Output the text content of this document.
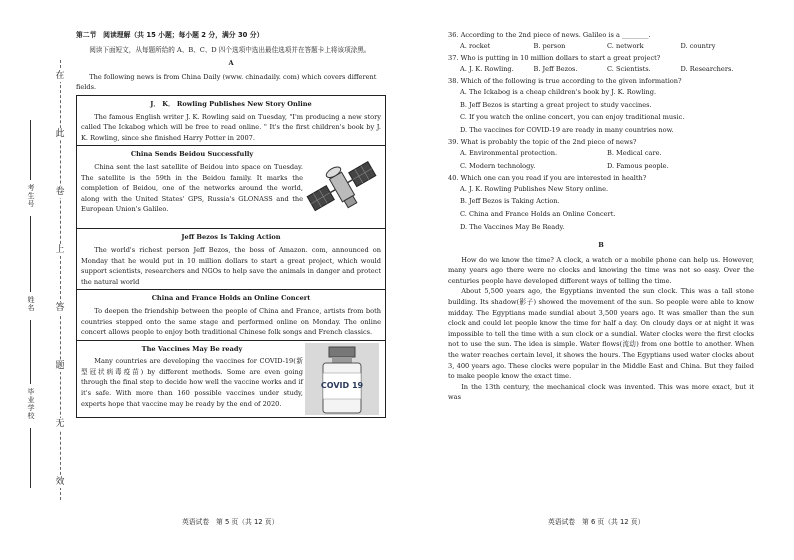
在
此
卷
上
答
题
无
效
考生号
姓名
毕业学校
第二节　阅读理解（共 15 小题；每小题 2 分，满分 30 分）

阅读下面短文，从每题所给的 A、B、C、D 四个选项中选出最佳选项并在答题卡上将该项涂黑。

A

The following news is from China Daily (www. chinadaily. com) which covers different fields.

J． K． Rowling Publishes New Story Online

The famous English writer J. K. Rowling said on Tuesday, "I'm producing a new story called The Ickabog which will be free to read online. " It's the first children's book by J. K. Rowling, since she finished Harry Potter in 2007.

China Sends Beidou Successfully

China sent the last satellite of Beidou into space on Tuesday. The satellite is the 59th in the Beidou family. It marks the completion of Beidou, one of the networks around the world, along with the United States' GPS, Russia's GLONASS and the European Union's Galileo.

Jeff Bezos Is Taking Action

The world's richest person Jeff Bezos, the boss of Amazon. com, announced on Monday that he would put in 10 million dollars to start a great project, which would support scientists, researchers and NGOs to help save the animals in danger and protect the natural world

China and France Holds an Online Concert

To deepen the friendship between the people of China and France, artists from both countries stepped onto the same stage and performed online on Monday. The online concert allows people to enjoy both traditional Chinese folk songs and French classics.

The Vaccines May Be ready

Many countries are developing the vaccines for COVID-19(新型冠状病毒疫苗) by different methods. Some are even going through the final step to decide how well the vaccine works and if it's safe. With more than 160 possible vaccines under study, experts hope that vaccine may be ready by the end of 2020.

COVID 19
英语试卷　第 5 页（共 12 页）
36. According to the 2nd piece of news. Galileo is a ________.
A. rocket	B. person	C. network	D. country
37. Who is putting in 10 million dollars to start a great project?
A. J. K. Rowling.	B. Jeff Bezos.	C. Scientists.	D. Researchers.
38. Which of the following is true according to the given information?
A. The Ickabog is a cheap children's book by J. K. Rowling.
B. Jeff Bezos is starting a great project to study vaccines.
C. If you watch the online concert, you can enjoy traditional music.
D. The vaccines for COVID-19 are ready in many countries now.
39. What is probably the topic of the 2nd piece of news?
A. Environmental protection.	B. Medical care.
C. Modern technology.	D. Famous people.
40. Which one can you read if you are interested in health?
A. J. K. Rowling Publishes New Story online.
B. Jeff Bezos is Taking Action.
C. China and France Holds an Online Concert.
D. The Vaccines May Be Ready.
B

How do we know the time? A clock, a watch or a mobile phone can help us. However, many years ago there were no clocks and knowing the time was not so easy. Over the centuries people have developed different ways of telling the time.

About 5,500 years ago, the Egyptians invented the sun clock. This was a tall stone building. Its shadow(影子) showed the movement of the sun. So people were able to know midday. The Egyptians made sundial about 3,500 years ago. It was smaller than the sun clock and could let people know the time for half a day. On cloudy days or at night it was impossible to tell the time with a sun clock or a sundial. Water clocks were the first clocks not to use the sun. The idea is simple. Water flows(流动) from one bottle to another. When the water reaches certain level, it shows the hours. The Egyptians used water clocks about 3, 400 years ago. These clocks were popular in the Middle East and China. But they failed to make people know the exact time.

In the 13th century, the mechanical clock was invented. This was more exact, but it was

英语试卷　第 6 页（共 12 页）
